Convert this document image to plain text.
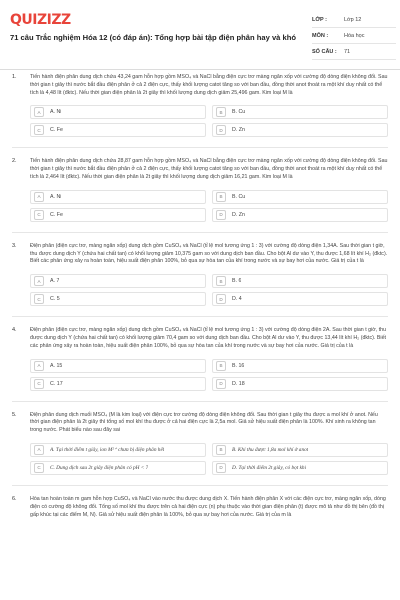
QUIZIZZ
71 câu Trắc nghiệm Hóa 12 (có đáp án): Tổng hợp bài tập điện phân hay và khó
LỚP :	Lớp 12
MÔN :	Hóa học
SỐ CÂU :	71
1.	Tiến hành điện phân dung dịch chứa 43,24 gam hỗn hợp gồm MSO₄ và NaCl bằng điện cực trơ màng ngăn xốp với cường độ dòng điện không đổi. Sau thời gian t giây thì nước bắt đầu điện phân ở cả 2 điện cực, thấy khối lượng catot tăng so với ban đầu, đồng thời anot thoát ra một khí duy nhất có thể tích là 4,48 lít (đktc). Nếu thời gian điện phân là 2t giây thì khối lượng dung dịch giảm 25,496 gam. Kim loại M là
A	A. Ni	B	B. Cu
C	C. Fe	D	D. Zn
2.	Tiến hành điện phân dung dịch chứa 28,87 gam hỗn hợp gồm MSO₄ và NaCl bằng điện cực trơ màng ngăn xốp với cường độ dòng điện không đổi. Sau thời gian t giây thì nước bắt đầu điện phân ở cả 2 điện cực, thấy khối lượng catot tăng so với ban đầu, đồng thời anot thoát ra một khí duy nhất có thể tích là 2,464 lít (đktc). Nếu thời gian điện phân là 2t giây thì khối lượng dung dịch giảm 16,21 gam. Kim loại M là
A	A. Ni	B	B. Cu
C	C. Fe	D	D. Zn
3.	Điện phân (điện cực trơ, màng ngăn xốp) dung dịch gồm CuSO₄ và NaCl (tỉ lệ mol tương ứng 1 : 3) với cường độ dòng điện 1,34A. Sau thời gian t giờ, thu được dung dịch Y (chứa hai chất tan) có khối lượng giảm 10,375 gam so với dung dịch ban đầu. Cho bột Al dư vào Y, thu được 1,68 lít khí H₂ (đktc). Biết các phản ứng xảy ra hoàn toàn, hiệu suất điện phân 100%, bỏ qua sự hòa tan của khí trong nước và sự bay hơi của nước. Giá trị của t là
A	A. 7	B	B. 6
C	C. 5	D	D. 4
4.	Điện phân (điện cực trơ, màng ngăn xốp) dung dịch gồm CuSO₄ và NaCl (tỉ lệ mol tương ứng 1 : 3) với cường độ dòng điện 2A. Sau thời gian t giờ, thu được dung dịch Y (chứa hai chất tan) có khối lượng giảm 70,4 gam so với dung dịch ban đầu. Cho bột Al dư vào Y, thu được 13,44 lít khí H₂ (đktc). Biết các phản ứng xảy ra hoàn toàn, hiệu suất điện phân 100%, bỏ qua sự hòa tan của khí trong nước và sự bay hơi của nước. Giá trị của t là
A	A. 15	B	B. 16
C	C. 17	D	D. 18
5.	Điện phân dung dịch muối MSO₄ (M là kim loại) với điện cực trơ cường độ dòng điện không đổi. Sau thời gian t giây thu được a mol khí ở anot. Nếu thời gian điện phân là 2t giây thì tổng số mol khí thu được ở cả hai điện cực là 2,5a mol. Giả sử hiệu suất điện phân là 100%. Khí sinh ra không tan trong nước. Phát biểu nào sau đây sai
A	A. Tại thời điểm t giây, ion M²⁺ chưa bị điện phân hết	B	B. Khi thu được 1,8a mol khí ở anot
C	C. Dung dịch sau 2t giây điện phân có pH < 7	D	D. Tại thời điểm 2t giây, có bọt khí
6.	Hòa tan hoàn toàn m gam hỗn hợp CuSO₄ và NaCl vào nước thu được dung dịch X. Tiến hành điện phân X với các điện cực trơ, màng ngăn xốp, dòng điện có cường độ không đổi. Tổng số mol khí thu được trên cả hai điện cực (n) phụ thuộc vào thời gian điện phân (t) được mô tả như đồ thị bên (đồ thị gấp khúc tại các điểm M, N). Giả sử hiệu suất điện phân là 100%, bỏ qua sự bay hơi của nước. Giá trị của m là
